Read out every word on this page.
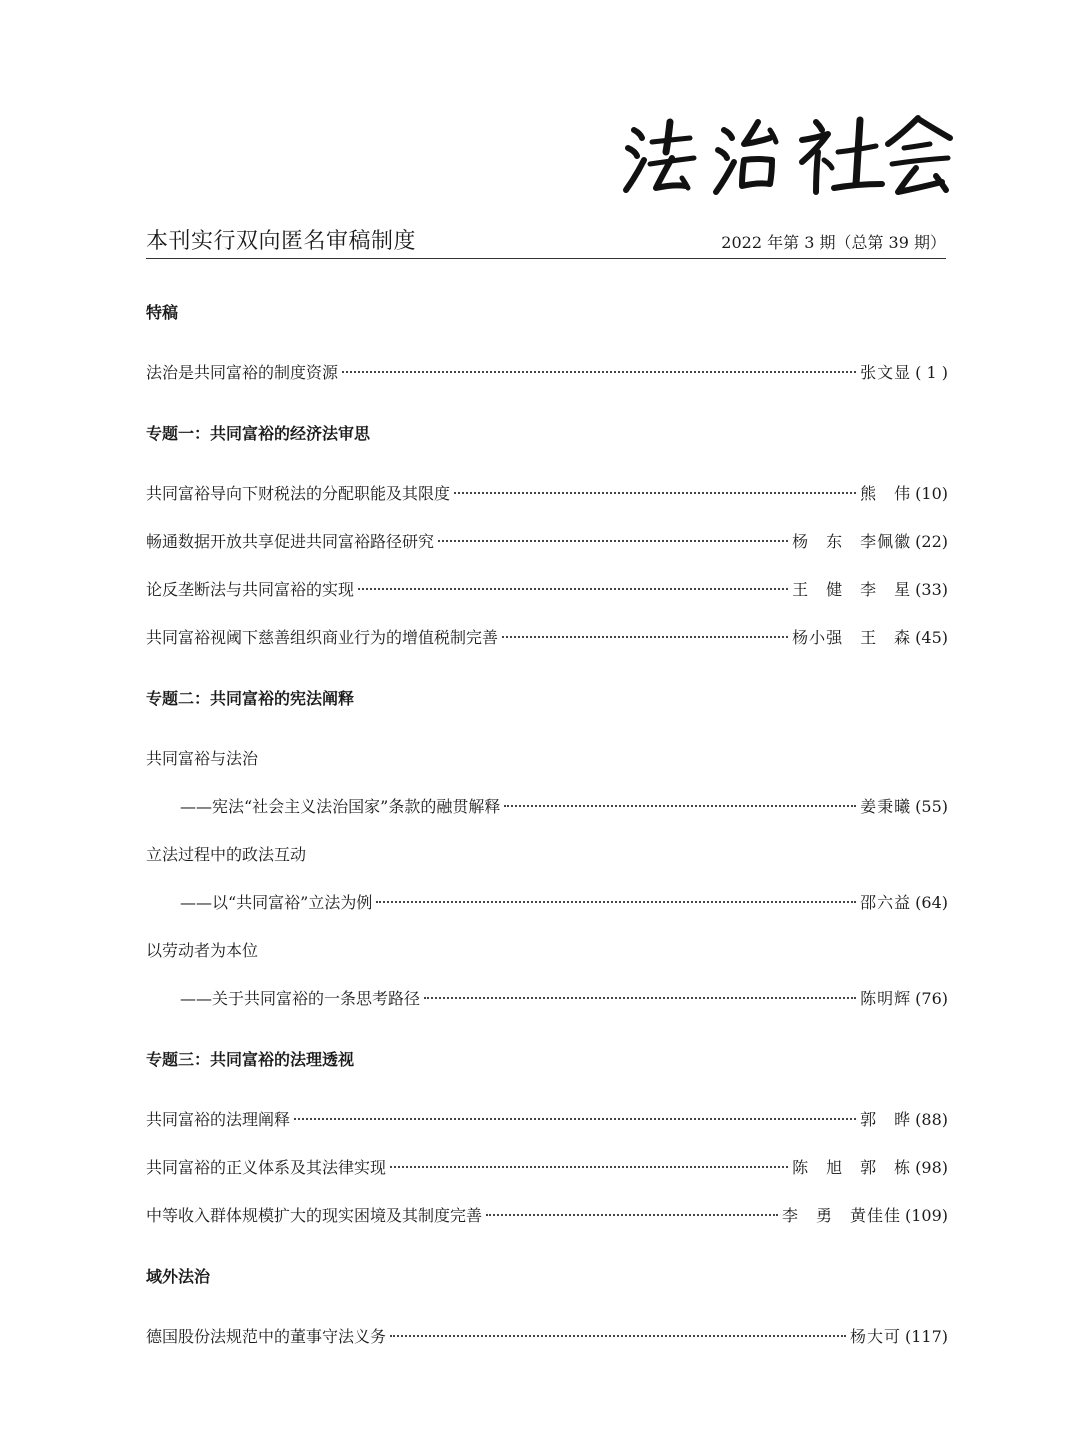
本刊实行双向匿名审稿制度	2022 年第 3 期（总第 39 期）
特稿
法治是共同富裕的制度资源	张文显 ( 1 )
专题一：共同富裕的经济法审思
共同富裕导向下财税法的分配职能及其限度	熊　伟 (10)
畅通数据开放共享促进共同富裕路径研究	杨　东　李佩徽 (22)
论反垄断法与共同富裕的实现	王　健　李　星 (33)
共同富裕视阈下慈善组织商业行为的增值税制完善	杨小强　王　森 (45)
专题二：共同富裕的宪法阐释
共同富裕与法治
——宪法“社会主义法治国家”条款的融贯解释	姜秉曦 (55)
立法过程中的政法互动
——以“共同富裕”立法为例	邵六益 (64)
以劳动者为本位
——关于共同富裕的一条思考路径	陈明辉 (76)
专题三：共同富裕的法理透视
共同富裕的法理阐释	郭　晔 (88)
共同富裕的正义体系及其法律实现	陈　旭　郭　栋 (98)
中等收入群体规模扩大的现实困境及其制度完善	李　勇　黄佳佳 (109)
域外法治
德国股份法规范中的董事守法义务	杨大可 (117)
